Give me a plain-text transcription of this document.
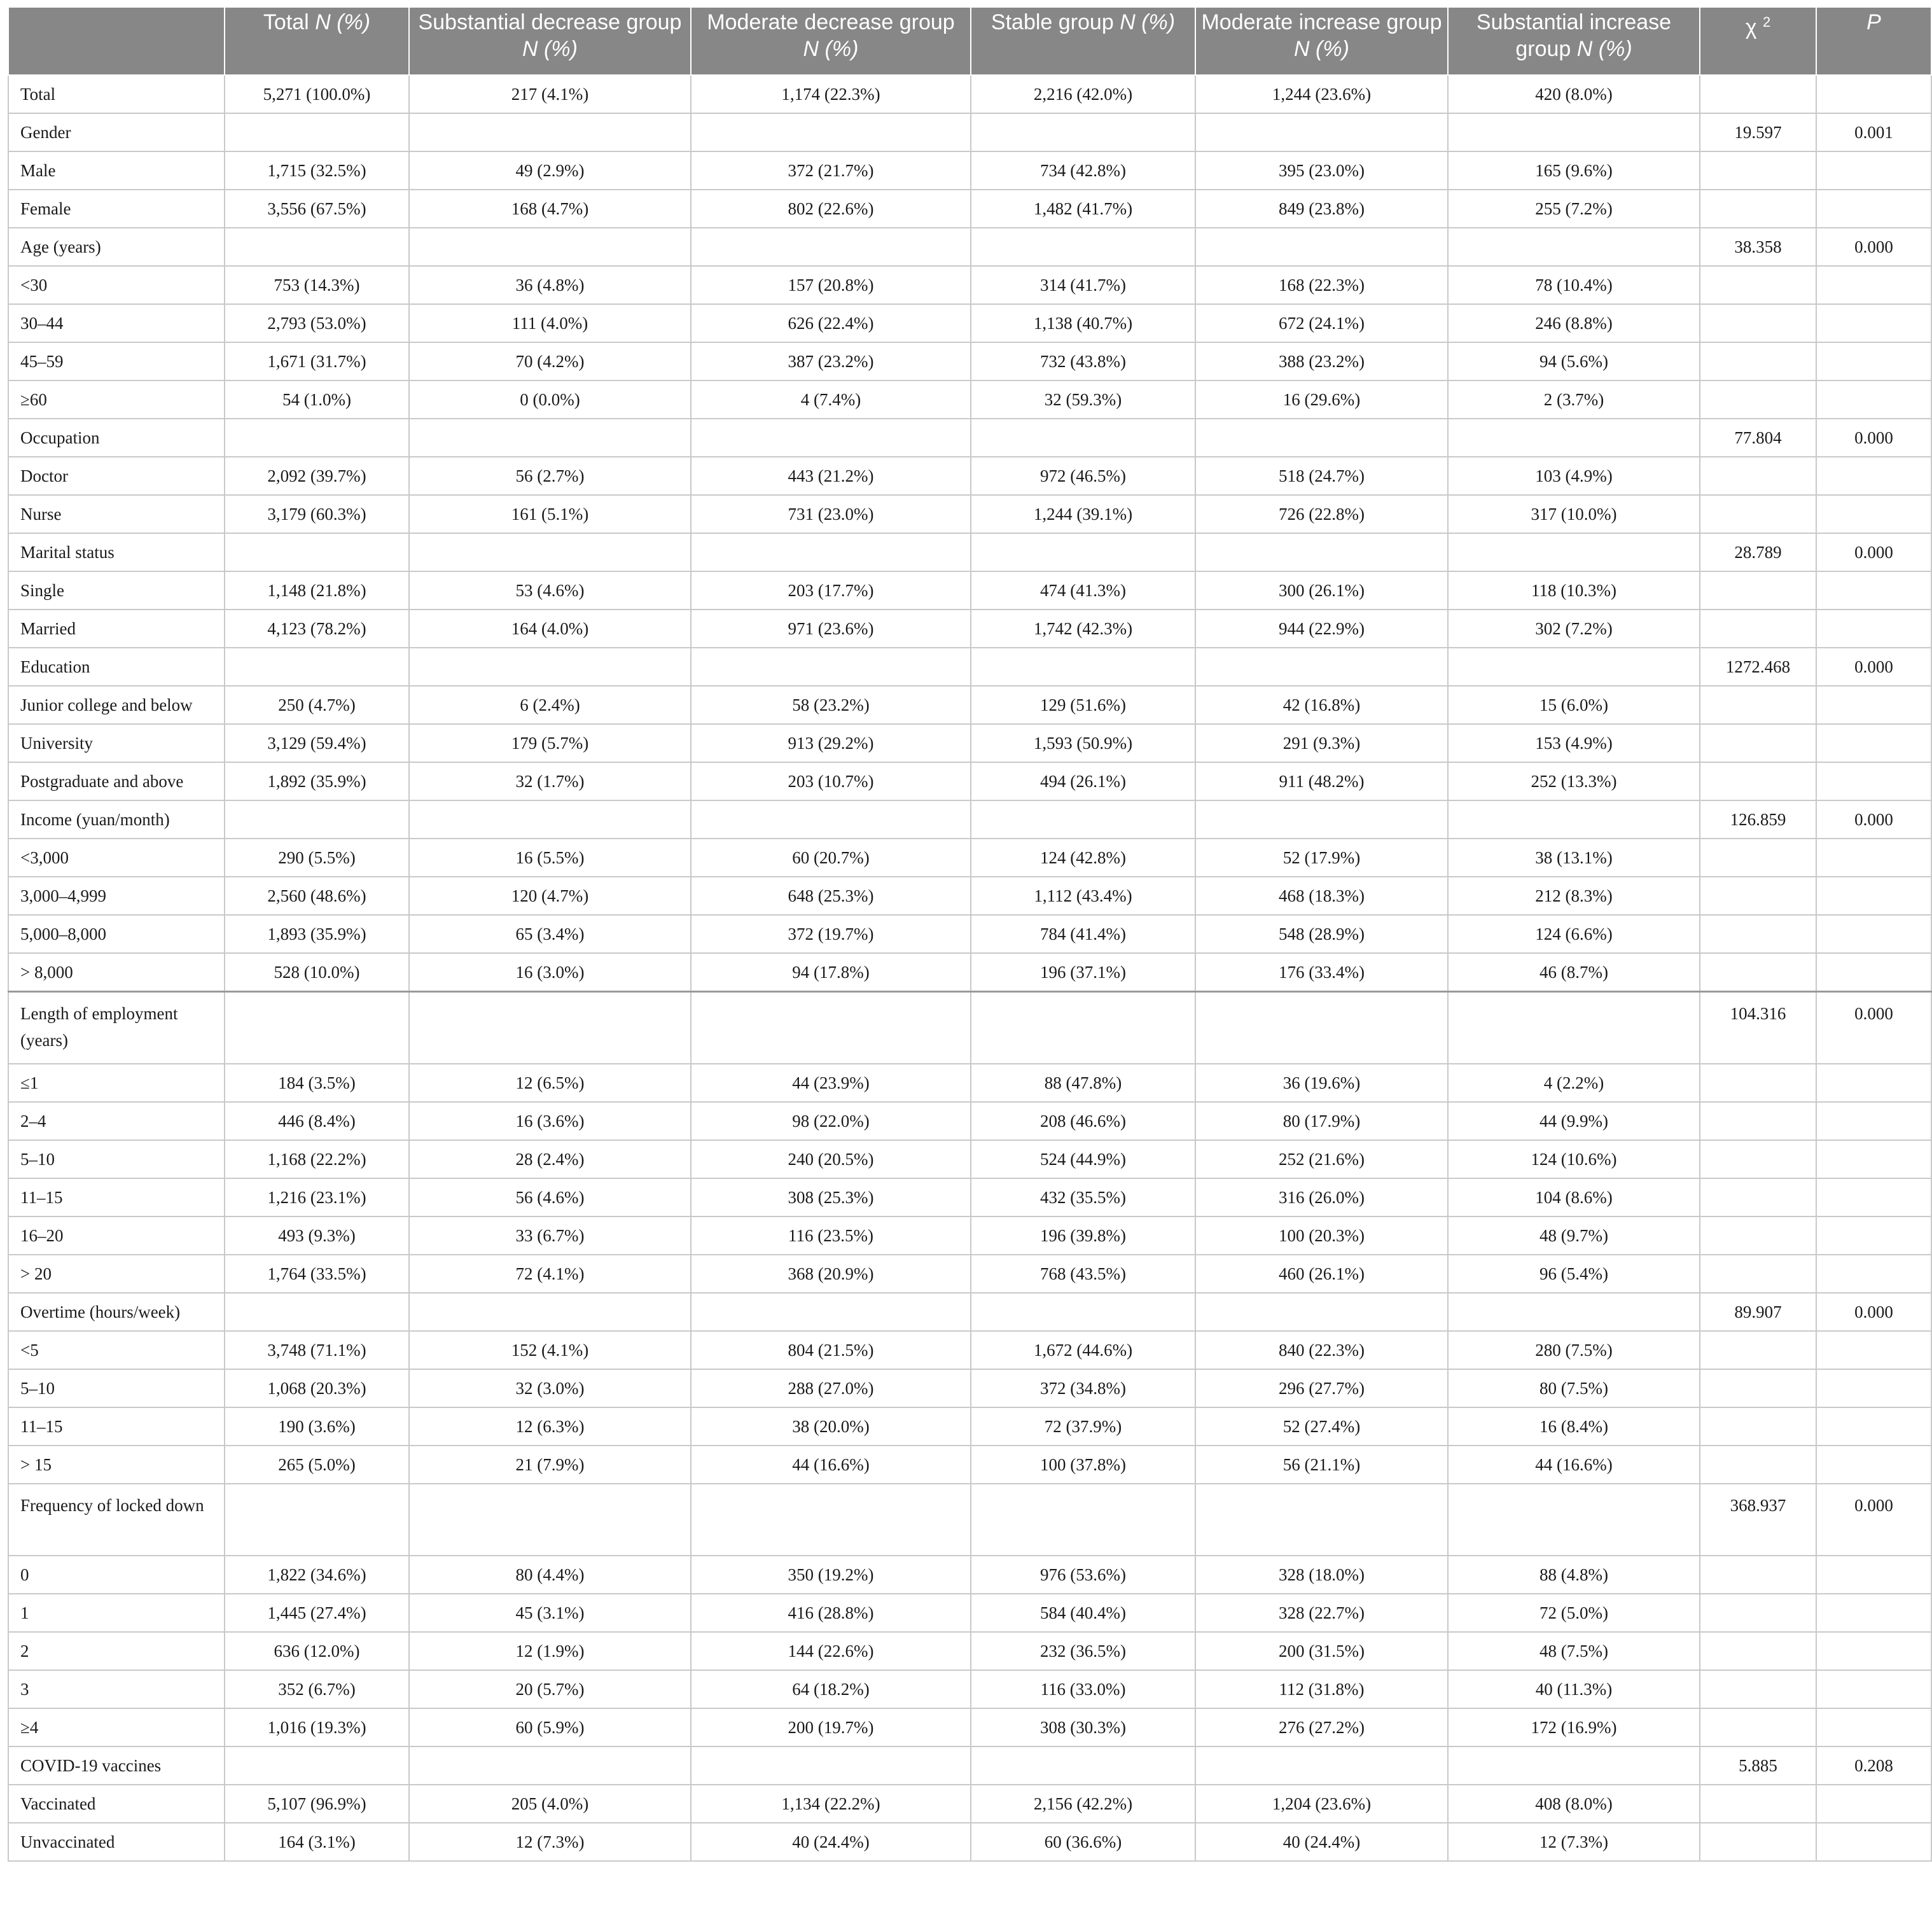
	Total N (%)	Substantial decrease group N (%)	Moderate decrease group N (%)	Stable group N (%)	Moderate increase group N (%)	Substantial increase group N (%)	χ $^2$	P
Total	5,271 (100.0%)	217 (4.1%)	1,174 (22.3%)	2,216 (42.0%)	1,244 (23.6%)	420 (8.0%)		
Gender							19.597	0.001
Male	1,715 (32.5%)	49 (2.9%)	372 (21.7%)	734 (42.8%)	395 (23.0%)	165 (9.6%)		
Female	3,556 (67.5%)	168 (4.7%)	802 (22.6%)	1,482 (41.7%)	849 (23.8%)	255 (7.2%)		
Age (years)							38.358	0.000
<30	753 (14.3%)	36 (4.8%)	157 (20.8%)	314 (41.7%)	168 (22.3%)	78 (10.4%)		
30–44	2,793 (53.0%)	111 (4.0%)	626 (22.4%)	1,138 (40.7%)	672 (24.1%)	246 (8.8%)		
45–59	1,671 (31.7%)	70 (4.2%)	387 (23.2%)	732 (43.8%)	388 (23.2%)	94 (5.6%)		
≥60	54 (1.0%)	0 (0.0%)	4 (7.4%)	32 (59.3%)	16 (29.6%)	2 (3.7%)		
Occupation							77.804	0.000
Doctor	2,092 (39.7%)	56 (2.7%)	443 (21.2%)	972 (46.5%)	518 (24.7%)	103 (4.9%)		
Nurse	3,179 (60.3%)	161 (5.1%)	731 (23.0%)	1,244 (39.1%)	726 (22.8%)	317 (10.0%)		
Marital status							28.789	0.000
Single	1,148 (21.8%)	53 (4.6%)	203 (17.7%)	474 (41.3%)	300 (26.1%)	118 (10.3%)		
Married	4,123 (78.2%)	164 (4.0%)	971 (23.6%)	1,742 (42.3%)	944 (22.9%)	302 (7.2%)		
Education							1272.468	0.000
Junior college and below	250 (4.7%)	6 (2.4%)	58 (23.2%)	129 (51.6%)	42 (16.8%)	15 (6.0%)		
University	3,129 (59.4%)	179 (5.7%)	913 (29.2%)	1,593 (50.9%)	291 (9.3%)	153 (4.9%)		
Postgraduate and above	1,892 (35.9%)	32 (1.7%)	203 (10.7%)	494 (26.1%)	911 (48.2%)	252 (13.3%)		
Income (yuan/month)							126.859	0.000
<3,000	290 (5.5%)	16 (5.5%)	60 (20.7%)	124 (42.8%)	52 (17.9%)	38 (13.1%)		
3,000–4,999	2,560 (48.6%)	120 (4.7%)	648 (25.3%)	1,112 (43.4%)	468 (18.3%)	212 (8.3%)		
5,000–8,000	1,893 (35.9%)	65 (3.4%)	372 (19.7%)	784 (41.4%)	548 (28.9%)	124 (6.6%)		
> 8,000	528 (10.0%)	16 (3.0%)	94 (17.8%)	196 (37.1%)	176 (33.4%)	46 (8.7%)		
Length of employment (years)							104.316	0.000
≤1	184 (3.5%)	12 (6.5%)	44 (23.9%)	88 (47.8%)	36 (19.6%)	4 (2.2%)		
2–4	446 (8.4%)	16 (3.6%)	98 (22.0%)	208 (46.6%)	80 (17.9%)	44 (9.9%)		
5–10	1,168 (22.2%)	28 (2.4%)	240 (20.5%)	524 (44.9%)	252 (21.6%)	124 (10.6%)		
11–15	1,216 (23.1%)	56 (4.6%)	308 (25.3%)	432 (35.5%)	316 (26.0%)	104 (8.6%)		
16–20	493 (9.3%)	33 (6.7%)	116 (23.5%)	196 (39.8%)	100 (20.3%)	48 (9.7%)		
> 20	1,764 (33.5%)	72 (4.1%)	368 (20.9%)	768 (43.5%)	460 (26.1%)	96 (5.4%)		
Overtime (hours/week)							89.907	0.000
<5	3,748 (71.1%)	152 (4.1%)	804 (21.5%)	1,672 (44.6%)	840 (22.3%)	280 (7.5%)		
5–10	1,068 (20.3%)	32 (3.0%)	288 (27.0%)	372 (34.8%)	296 (27.7%)	80 (7.5%)		
11–15	190 (3.6%)	12 (6.3%)	38 (20.0%)	72 (37.9%)	52 (27.4%)	16 (8.4%)		
> 15	265 (5.0%)	21 (7.9%)	44 (16.6%)	100 (37.8%)	56 (21.1%)	44 (16.6%)		
Frequency of locked down							368.937	0.000
0	1,822 (34.6%)	80 (4.4%)	350 (19.2%)	976 (53.6%)	328 (18.0%)	88 (4.8%)		
1	1,445 (27.4%)	45 (3.1%)	416 (28.8%)	584 (40.4%)	328 (22.7%)	72 (5.0%)		
2	636 (12.0%)	12 (1.9%)	144 (22.6%)	232 (36.5%)	200 (31.5%)	48 (7.5%)		
3	352 (6.7%)	20 (5.7%)	64 (18.2%)	116 (33.0%)	112 (31.8%)	40 (11.3%)		
≥4	1,016 (19.3%)	60 (5.9%)	200 (19.7%)	308 (30.3%)	276 (27.2%)	172 (16.9%)		
COVID-19 vaccines							5.885	0.208
Vaccinated	5,107 (96.9%)	205 (4.0%)	1,134 (22.2%)	2,156 (42.2%)	1,204 (23.6%)	408 (8.0%)		
Unvaccinated	164 (3.1%)	12 (7.3%)	40 (24.4%)	60 (36.6%)	40 (24.4%)	12 (7.3%)		
